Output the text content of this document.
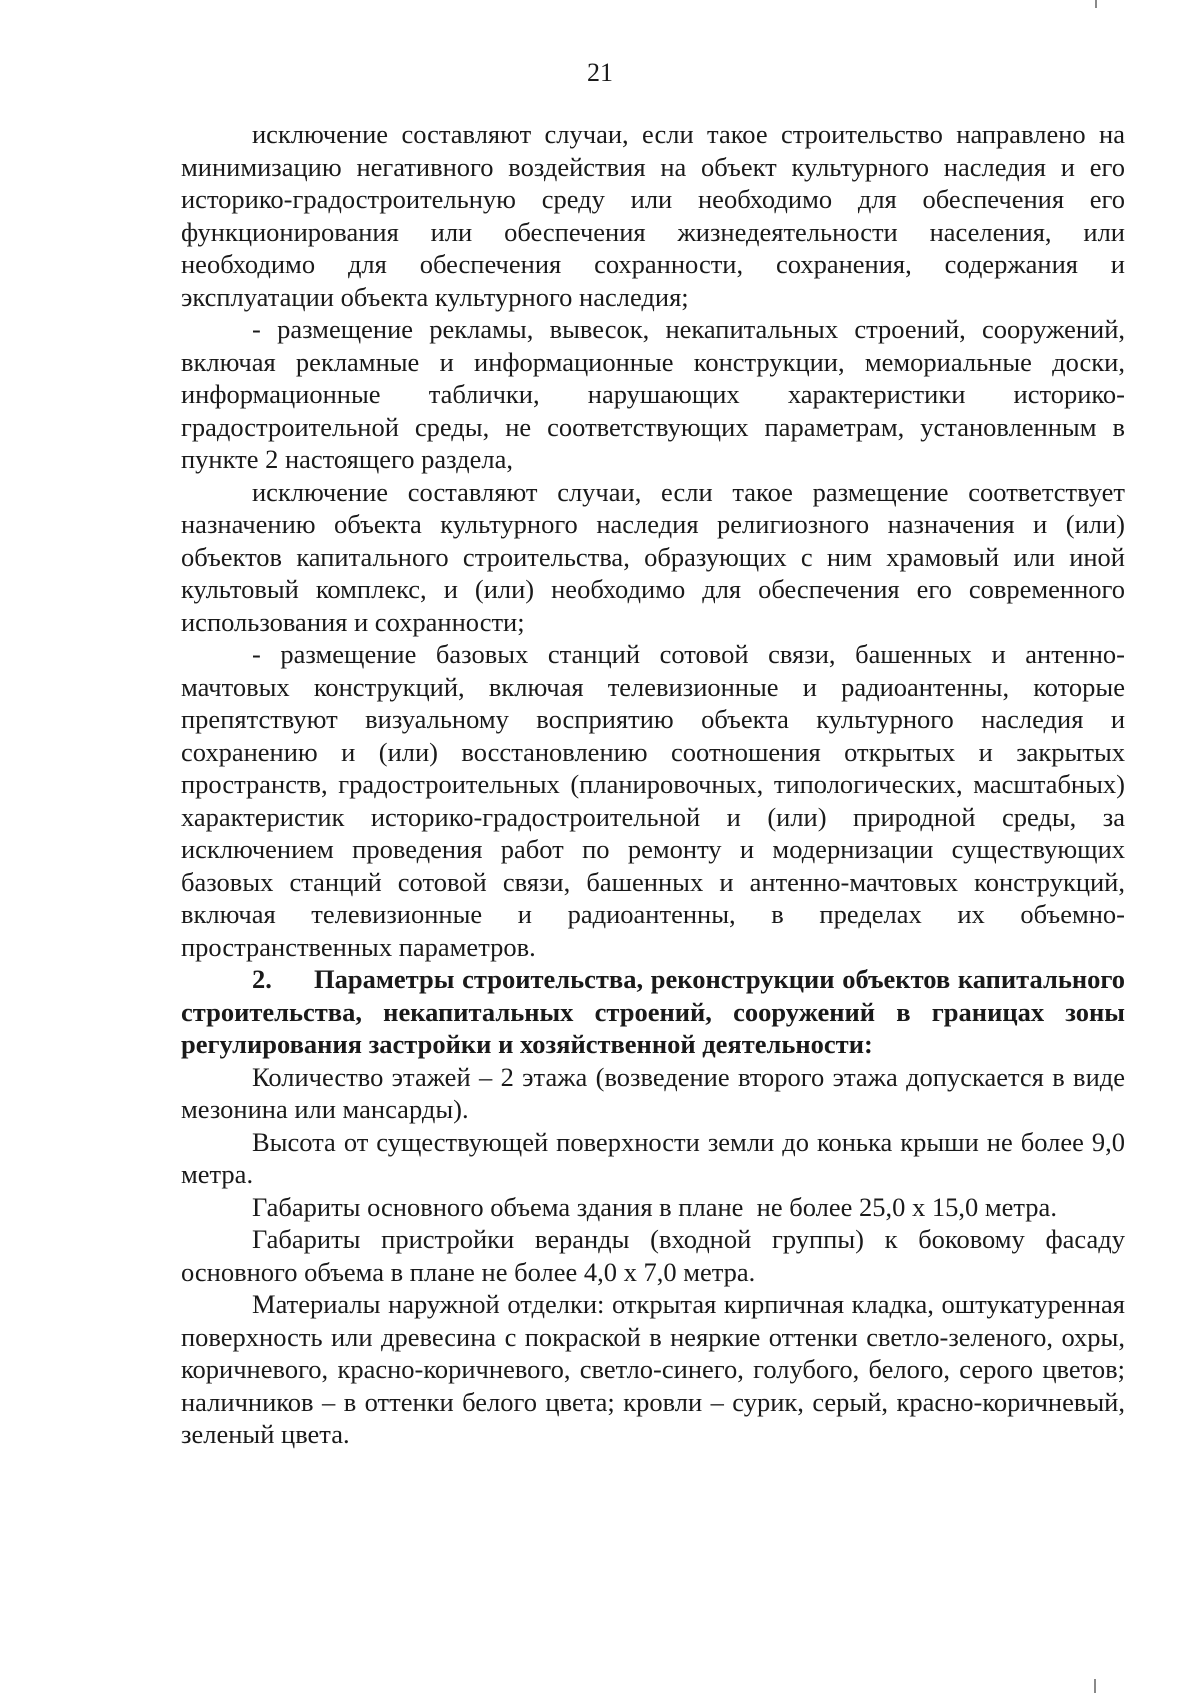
21

исключение составляют случаи, если такое строительство направлено на минимизацию негативного воздействия на объект культурного наследия и его историко-градостроительную среду или необходимо для обеспечения его функционирования или обеспечения жизнедеятельности населения, или необходимо для обеспечения сохранности, сохранения, содержания и эксплуатации объекта культурного наследия;

- размещение рекламы, вывесок, некапитальных строений, сооружений, включая рекламные и информационные конструкции, мемориальные доски, информационные таблички, нарушающих характеристики историко-градостроительной среды, не соответствующих параметрам, установленным в пункте 2 настоящего раздела,

исключение составляют случаи, если такое размещение соответствует назначению объекта культурного наследия религиозного назначения и (или) объектов капитального строительства, образующих с ним храмовый или иной культовый комплекс, и (или) необходимо для обеспечения его современного использования и сохранности;

- размещение базовых станций сотовой связи, башенных и антенно-мачтовых конструкций, включая телевизионные и радиоантенны, которые препятствуют визуальному восприятию объекта культурного наследия и сохранению и (или) восстановлению соотношения открытых и закрытых пространств, градостроительных (планировочных, типологических, масштабных) характеристик историко-градостроительной и (или) природной среды, за исключением проведения работ по ремонту и модернизации существующих базовых станций сотовой связи, башенных и антенно-мачтовых конструкций, включая телевизионные и радиоантенны, в пределах их объемно-пространственных параметров.

2. Параметры строительства, реконструкции объектов капитального строительства, некапитальных строений, сооружений в границах зоны регулирования застройки и хозяйственной деятельности:

Количество этажей – 2 этажа (возведение второго этажа допускается в виде мезонина или мансарды).

Высота от существующей поверхности земли до конька крыши не более 9,0 метра.

Габариты основного объема здания в плане  не более 25,0 х 15,0 метра.

Габариты пристройки веранды (входной группы) к боковому фасаду основного объема в плане не более 4,0 х 7,0 метра.

Материалы наружной отделки: открытая кирпичная кладка, оштукатуренная поверхность или древесина с покраской в неяркие оттенки светло-зеленого, охры, коричневого, красно-коричневого, светло-синего, голубого, белого, серого цветов; наличников – в оттенки белого цвета; кровли – сурик, серый, красно-коричневый, зеленый цвета.
